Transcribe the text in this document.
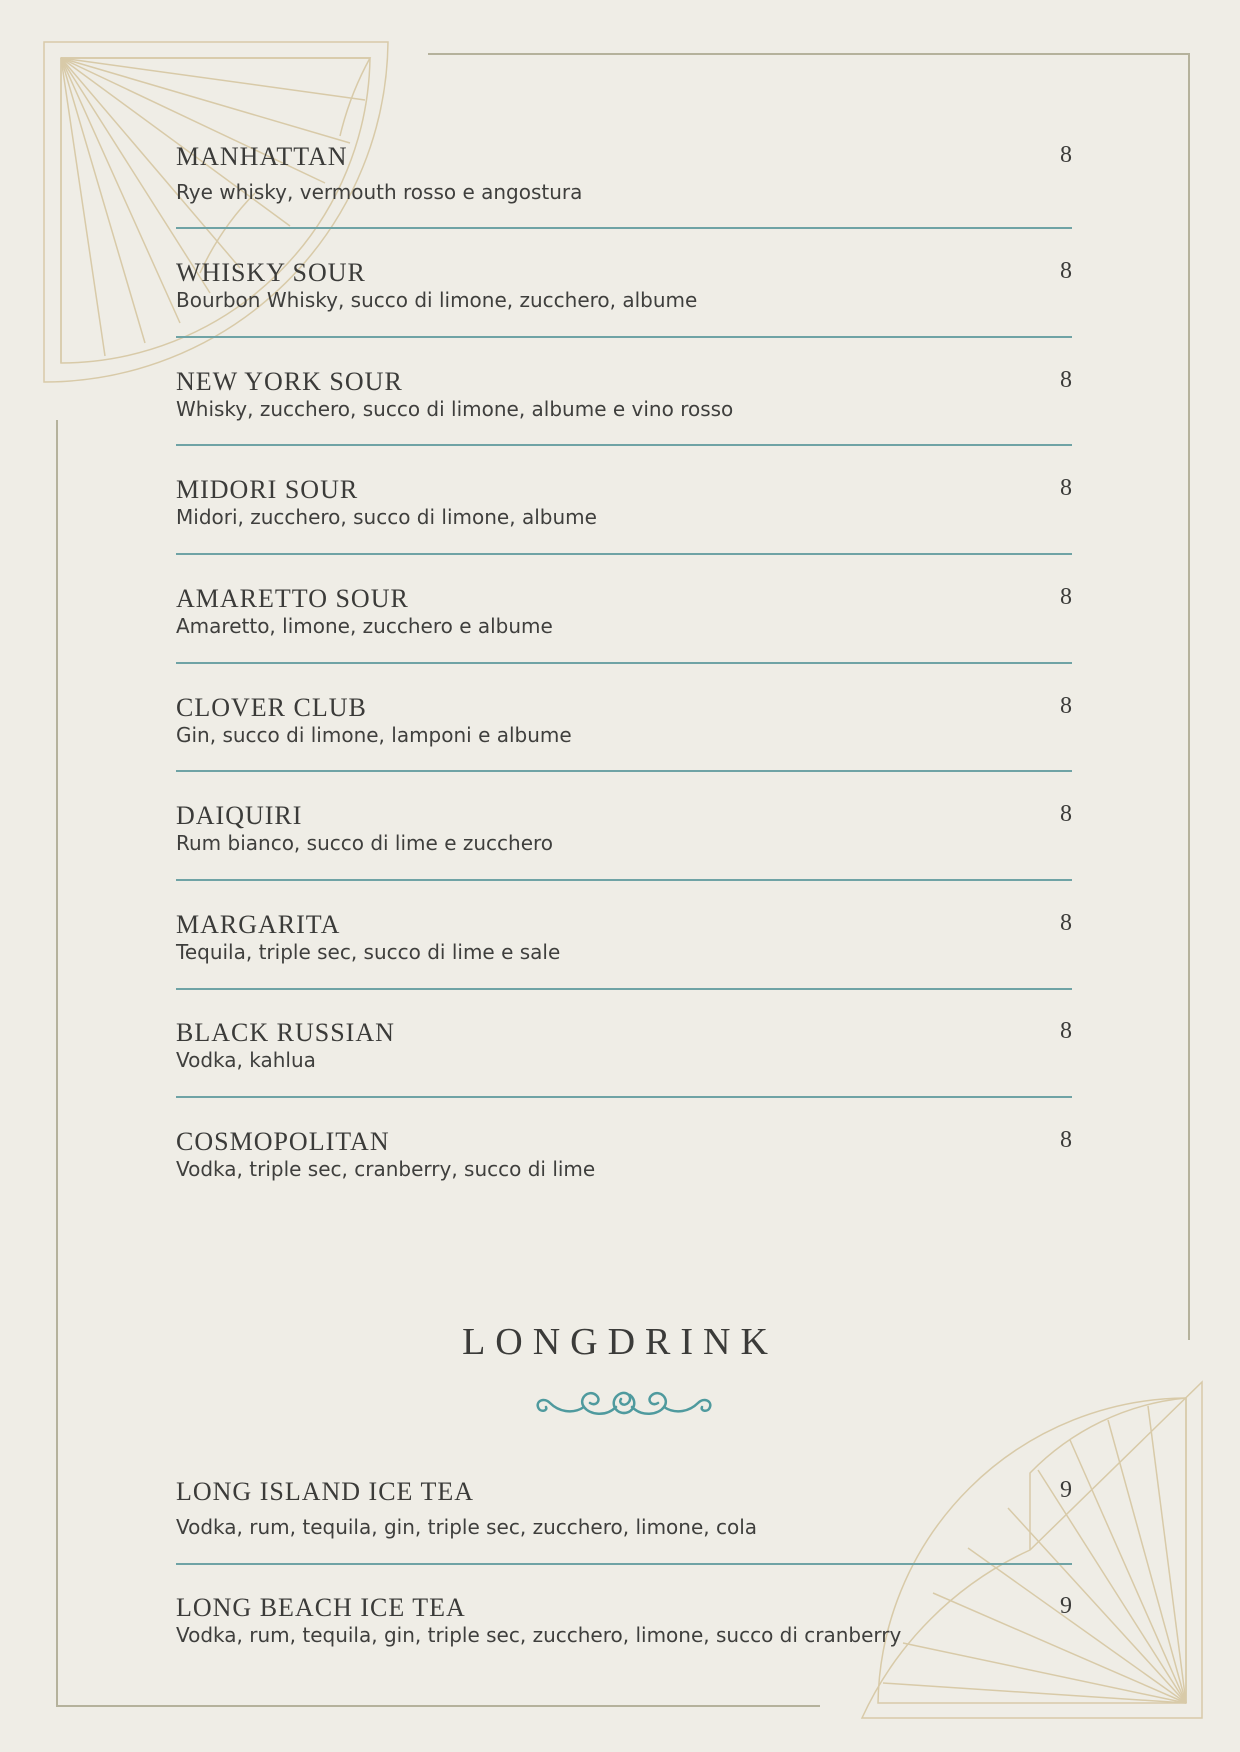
MANHATTAN	8
Rye whisky, vermouth rosso e angostura
WHISKY SOUR	8
Bourbon Whisky, succo di limone, zucchero, albume
NEW YORK SOUR	8
Whisky, zucchero, succo di limone, albume e vino rosso
MIDORI SOUR	8
Midori, zucchero, succo di limone, albume
AMARETTO SOUR	8
Amaretto, limone, zucchero e albume
CLOVER CLUB	8
Gin, succo di limone, lamponi e albume
DAIQUIRI	8
Rum bianco, succo di lime e zucchero
MARGARITA	8
Tequila, triple sec, succo di lime e sale
BLACK RUSSIAN	8
Vodka, kahlua
COSMOPOLITAN	8
Vodka, triple sec, cranberry, succo di lime
LONGDRINK
LONG ISLAND ICE TEA	9
Vodka, rum, tequila, gin, triple sec, zucchero, limone, cola
LONG BEACH ICE TEA	9
Vodka, rum, tequila, gin, triple sec, zucchero, limone, succo di cranberry
